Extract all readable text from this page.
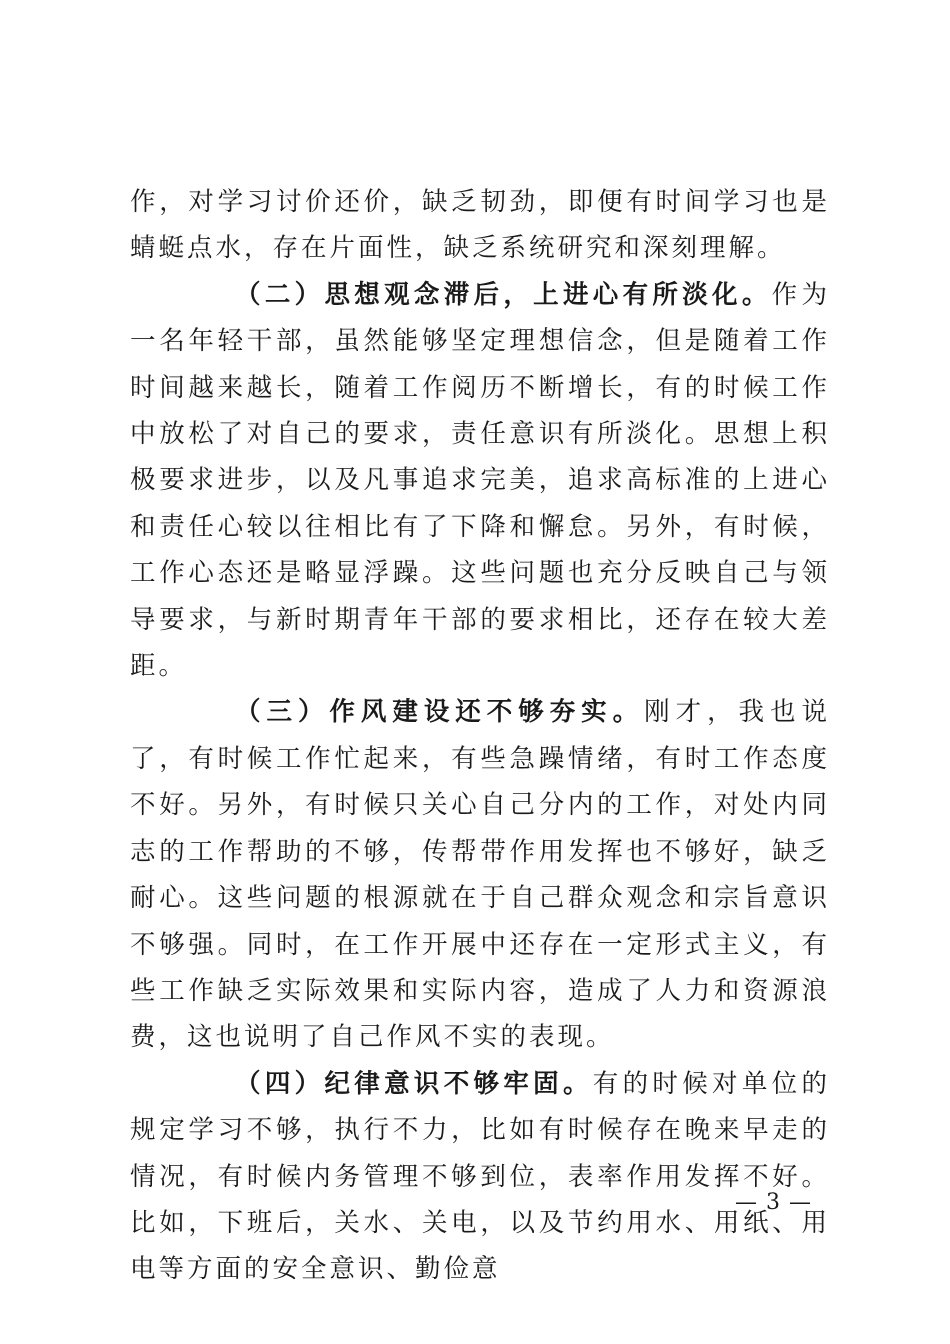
作，对学习讨价还价，缺乏韧劲，即便有时间学习也是蜻蜓点水，存在片面性，缺乏系统研究和深刻理解。

（二）思想观念滞后，上进心有所淡化。作为一名年轻干部，虽然能够坚定理想信念，但是随着工作时间越来越长，随着工作阅历不断增长，有的时候工作中放松了对自己的要求，责任意识有所淡化。思想上积极要求进步，以及凡事追求完美，追求高标准的上进心和责任心较以往相比有了下降和懈怠。另外，有时候，工作心态还是略显浮躁。这些问题也充分反映自己与领导要求，与新时期青年干部的要求相比，还存在较大差距。

（三）作风建设还不够夯实。刚才，我也说了，有时候工作忙起来，有些急躁情绪，有时工作态度不好。另外，有时候只关心自己分内的工作，对处内同志的工作帮助的不够，传帮带作用发挥也不够好，缺乏耐心。这些问题的根源就在于自己群众观念和宗旨意识不够强。同时，在工作开展中还存在一定形式主义，有些工作缺乏实际效果和实际内容，造成了人力和资源浪费，这也说明了自己作风不实的表现。

（四）纪律意识不够牢固。有的时候对单位的规定学习不够，执行不力，比如有时候存在晚来早走的情况，有时候内务管理不够到位，表率作用发挥不好。比如，下班后，关水、关电，以及节约用水、用纸、用电等方面的安全意识、勤俭意

— 3 —
